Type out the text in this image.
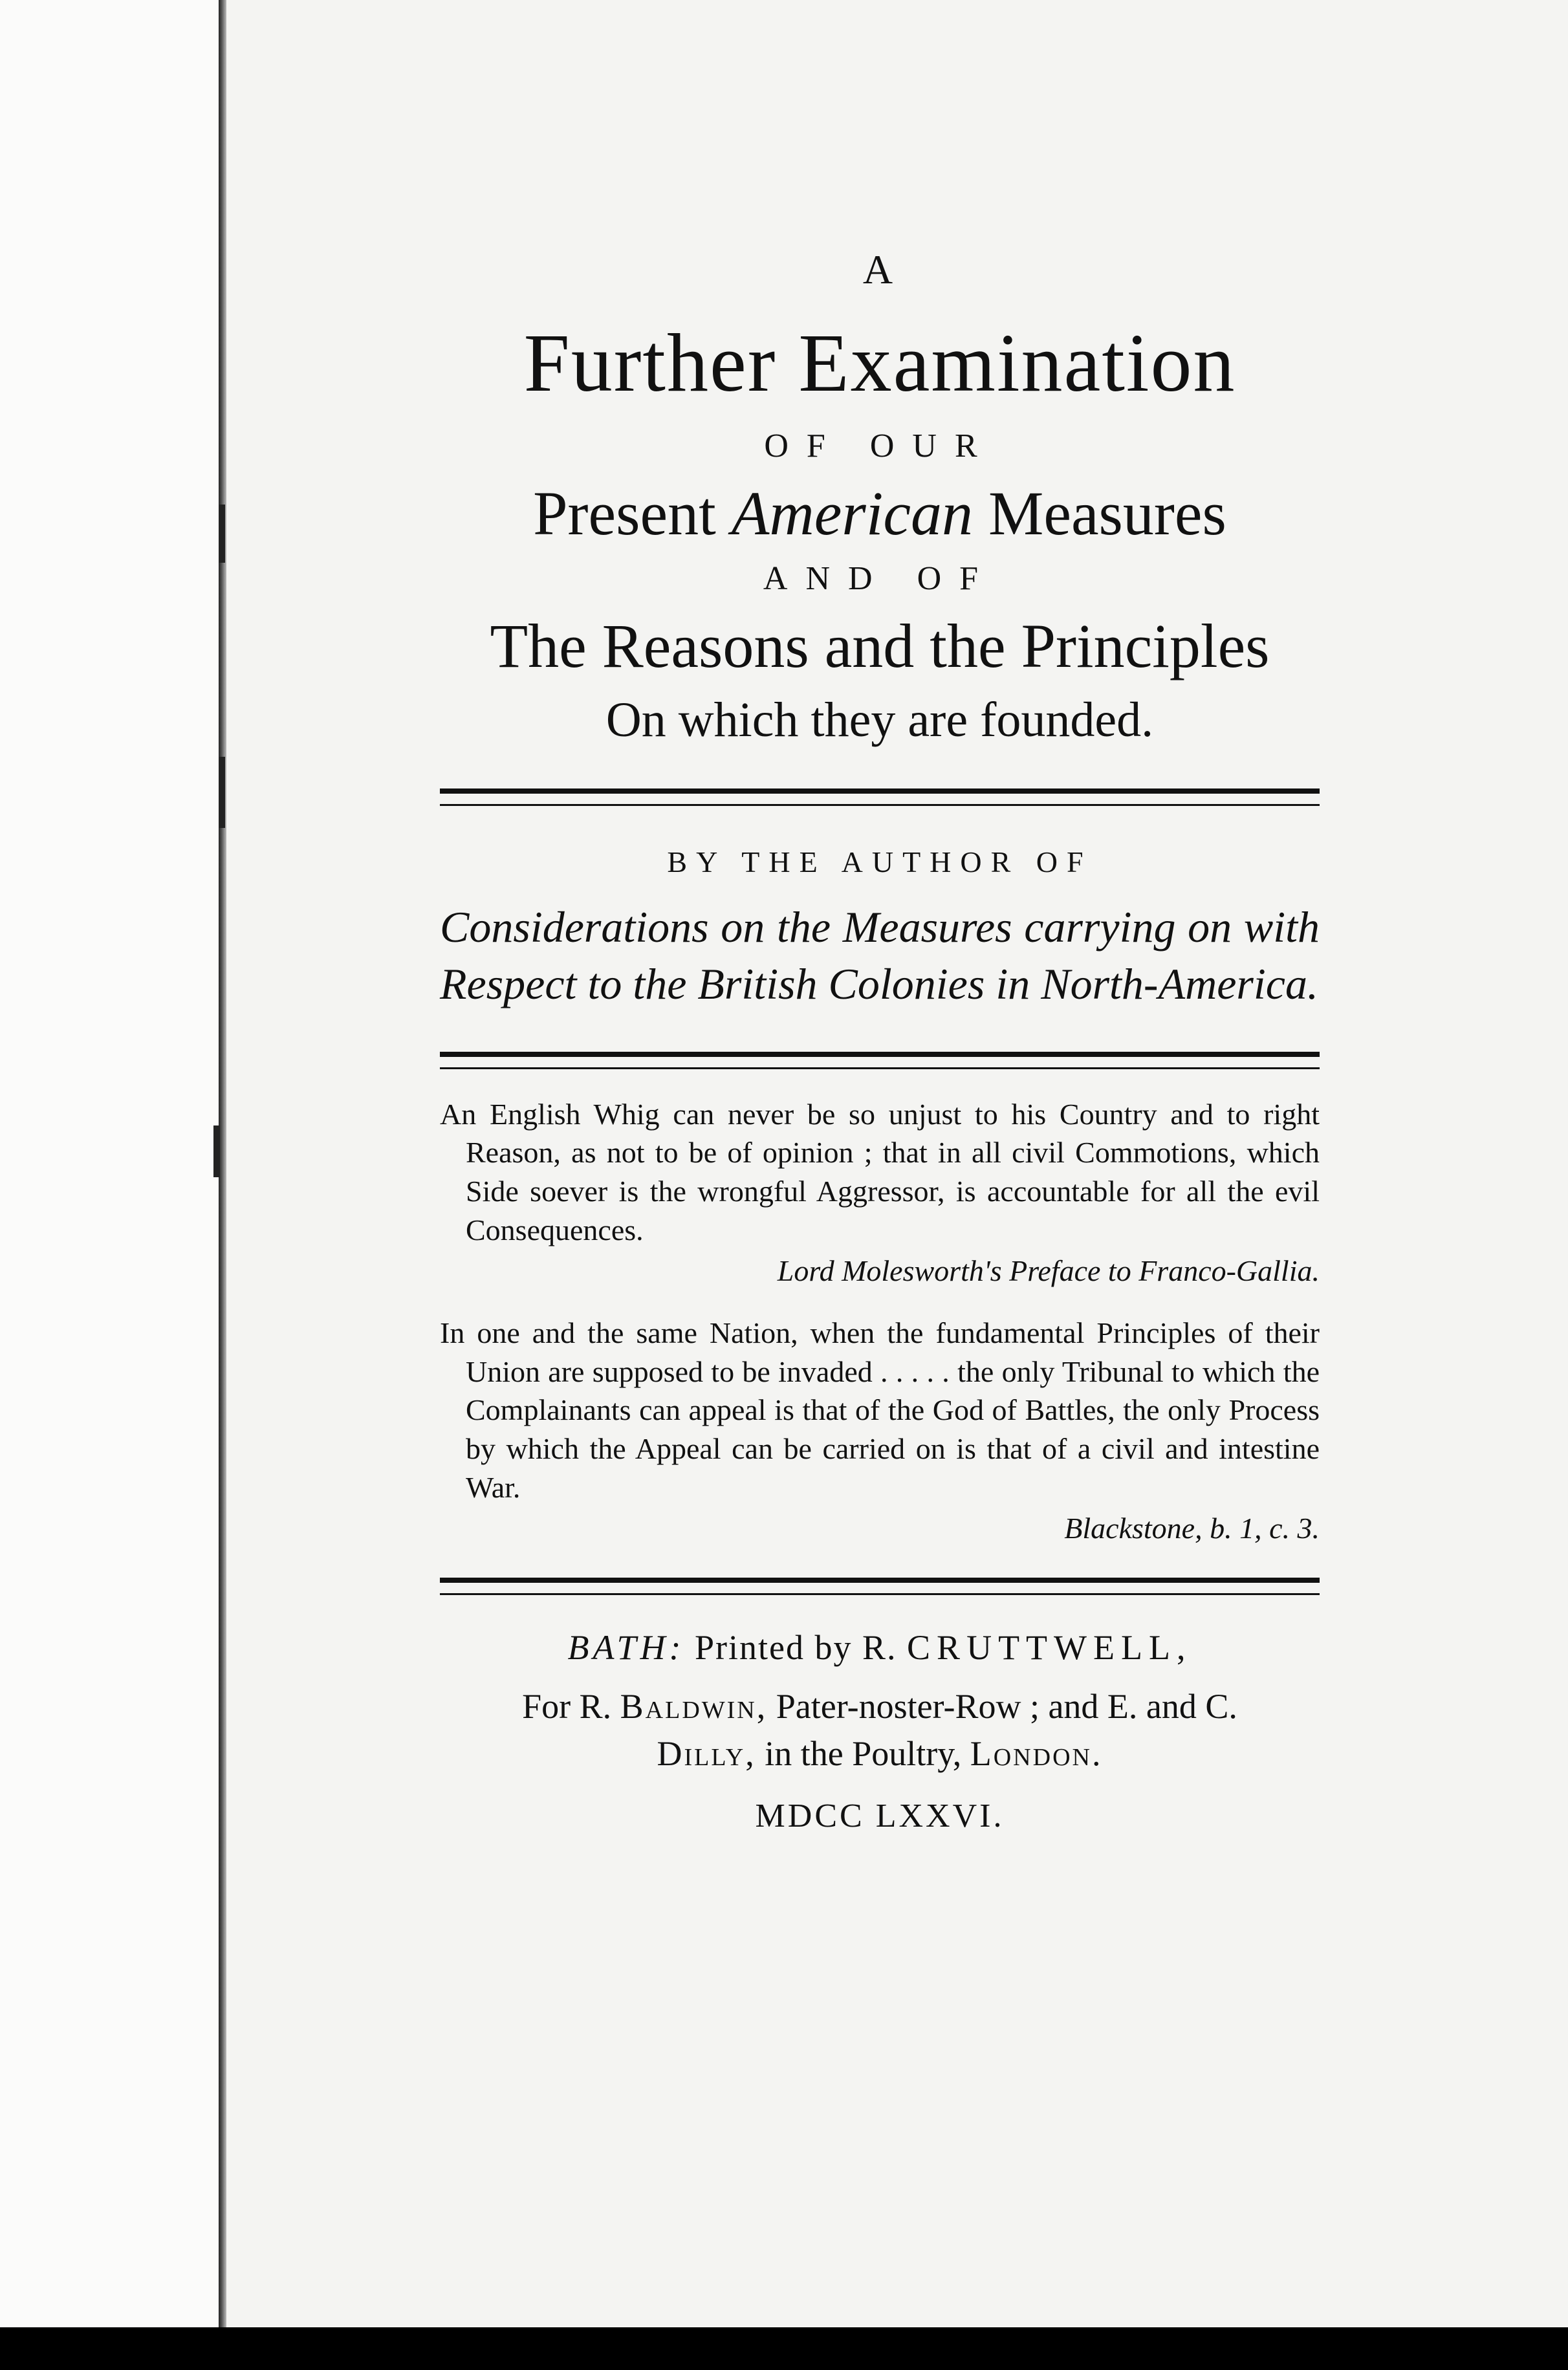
A
Further Examination
OF OUR
Present American Measures
AND OF
The Reasons and the Principles
On which they are founded.
BY THE AUTHOR OF
Considerations on the Measures carrying on with Respect to the British Colonies in North-America.
An English Whig can never be so unjust to his Country and to right Reason, as not to be of opinion ; that in all civil Commotions, which Side soever is the wrongful Aggressor, is accountable for all the evil Consequences.
Lord Molesworth's Preface to Franco-Gallia.
In one and the same Nation, when the fundamental Principles of their Union are supposed to be invaded . . . . . the only Tribunal to which the Complainants can appeal is that of the God of Battles, the only Process by which the Appeal can be carried on is that of a civil and intestine War.
Blackstone, b. 1, c. 3.
BATH: Printed by R. CRUTTWELL,
For R. Baldwin, Pater-noster-Row ; and E. and C.
Dilly, in the Poultry, London.
MDCC LXXVI.
